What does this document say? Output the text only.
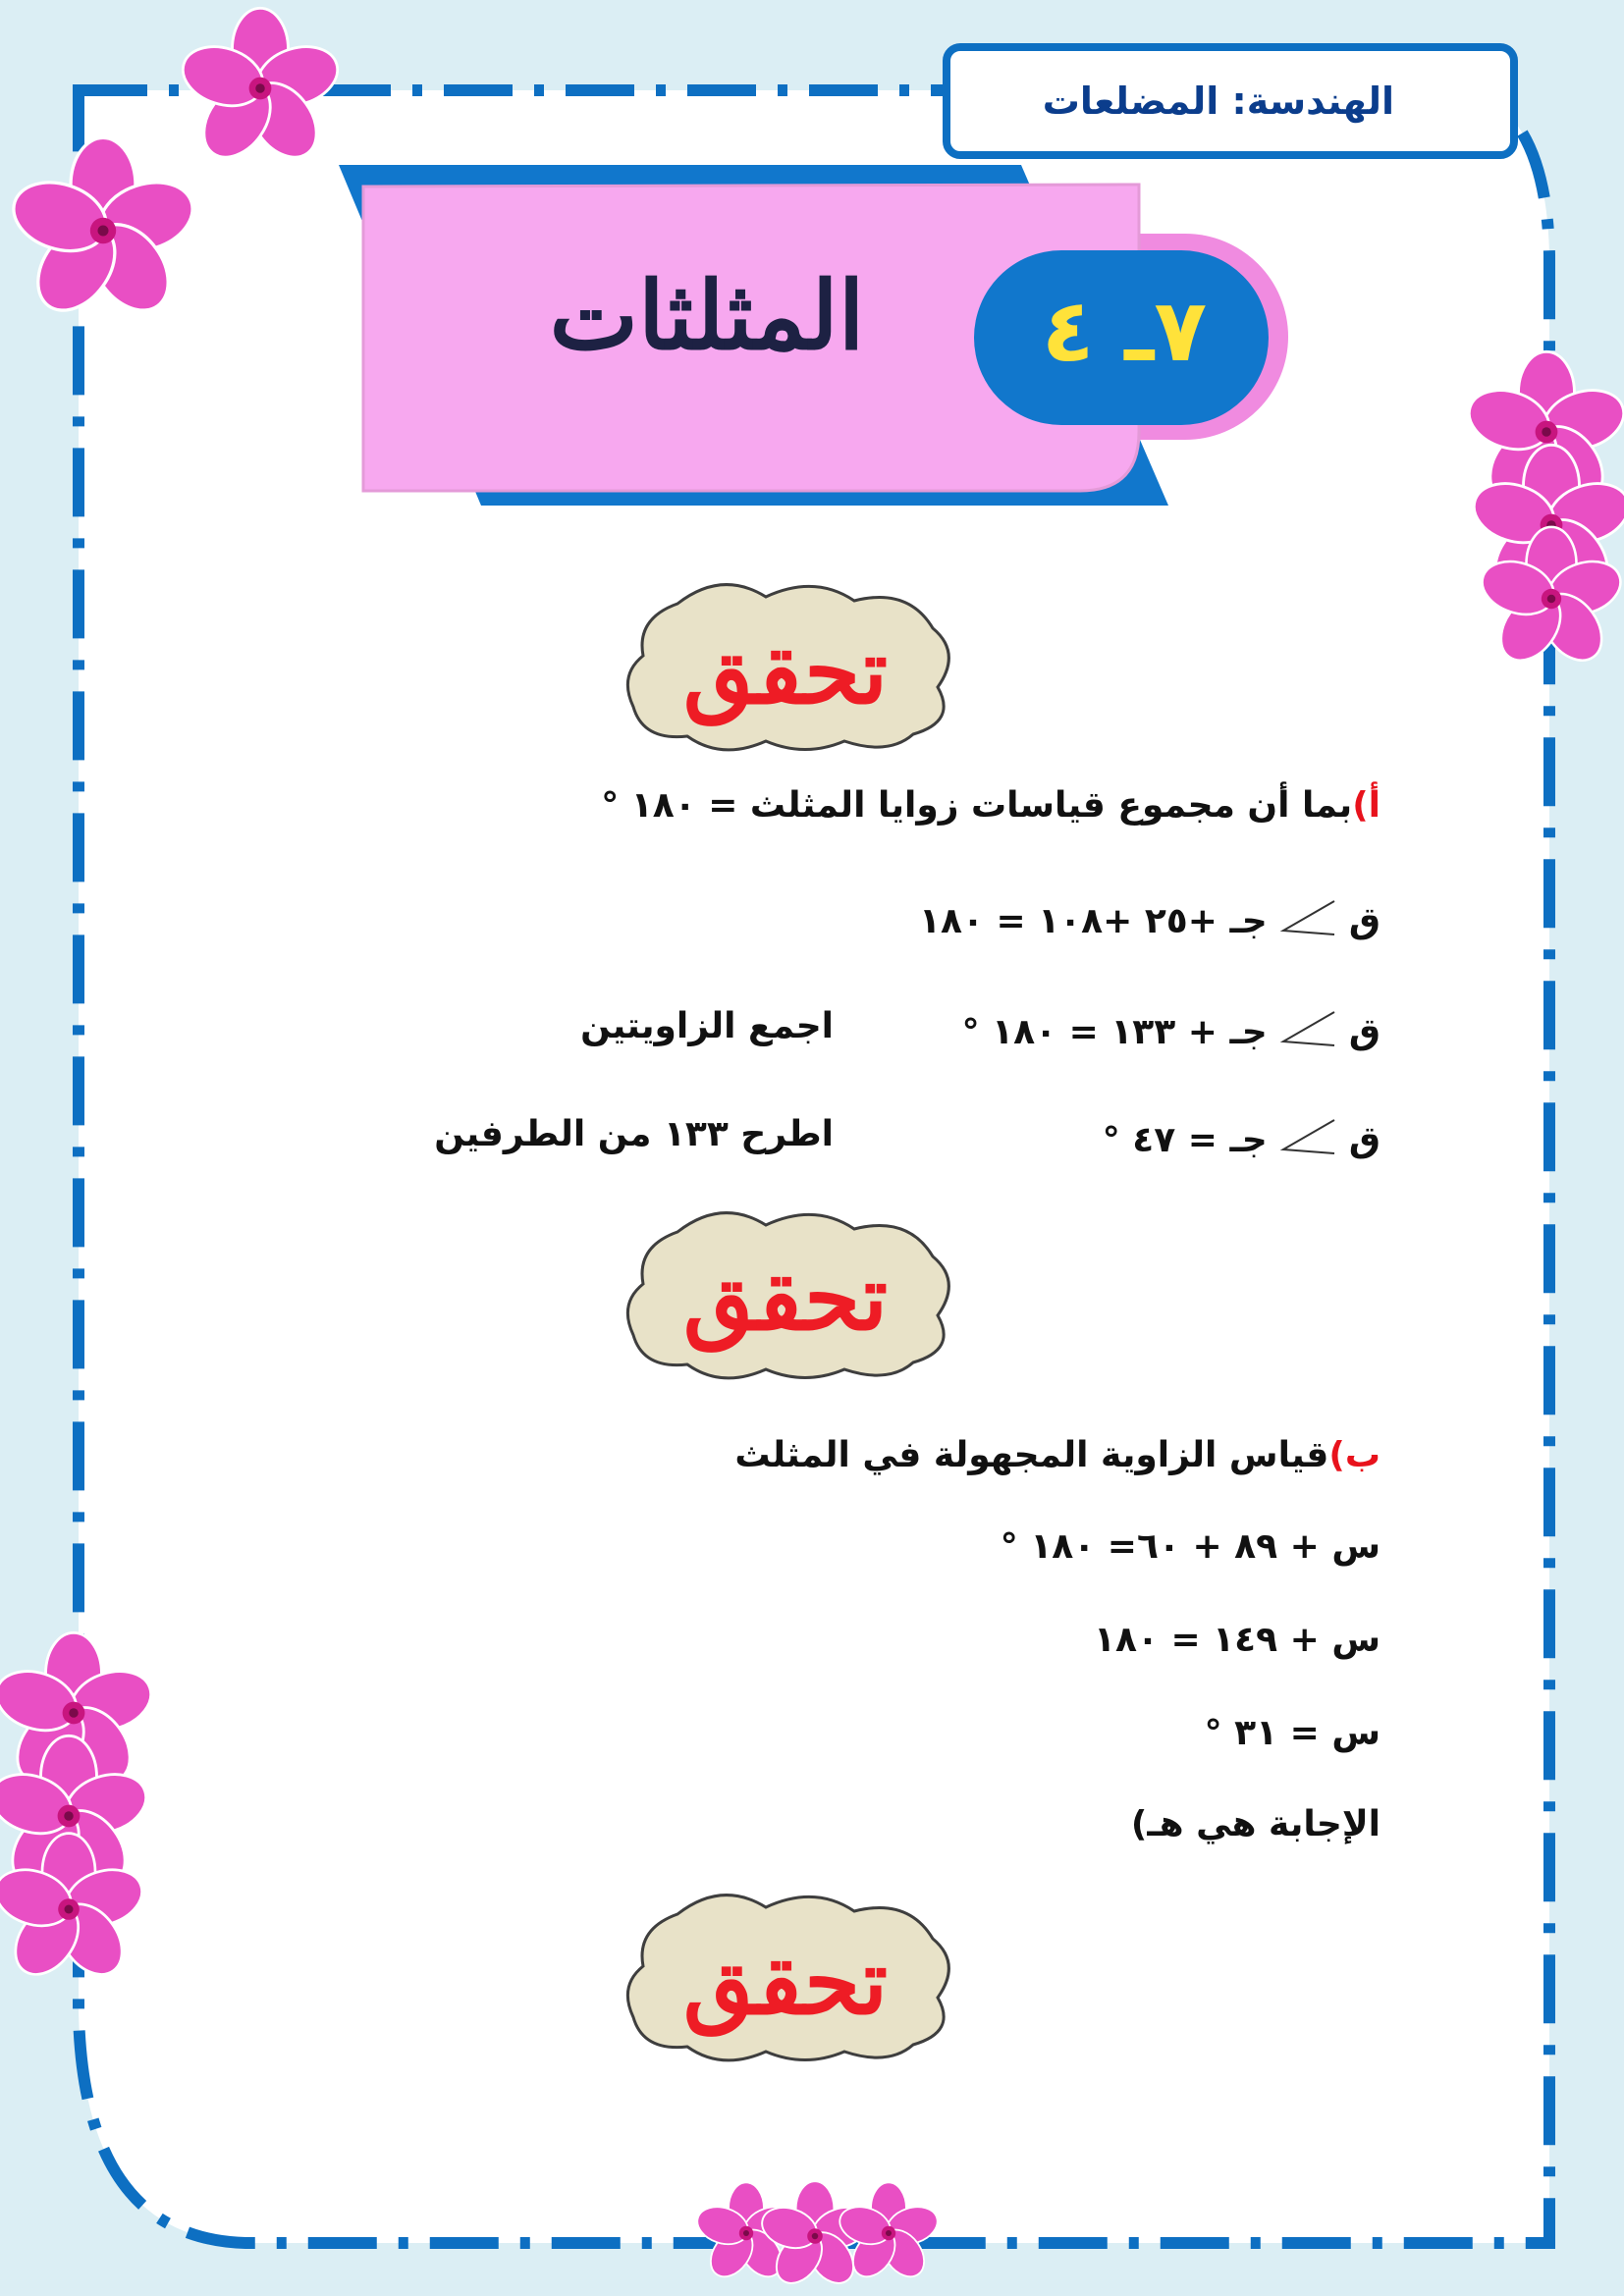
الهندسة: المضلعات
المثلثات	٧ـ ٤
تحقق
تحقق
تحقق
أ)بما أن مجموع قياسات زوايا المثلث = ١٨٠ °
ق  جـ +٢٥ +١٠٨ = ١٨٠
ق  جـ + ١٣٣ = ١٨٠ °
اجمع الزاويتين
ق  جـ = ٤٧ °
اطرح ١٣٣ من الطرفين
ب)قياس الزاوية المجهولة في المثلث
س + ٨٩ + ٦٠= ١٨٠ °
س + ١٤٩ = ١٨٠
س = ٣١ °
الإجابة هي هـ)
